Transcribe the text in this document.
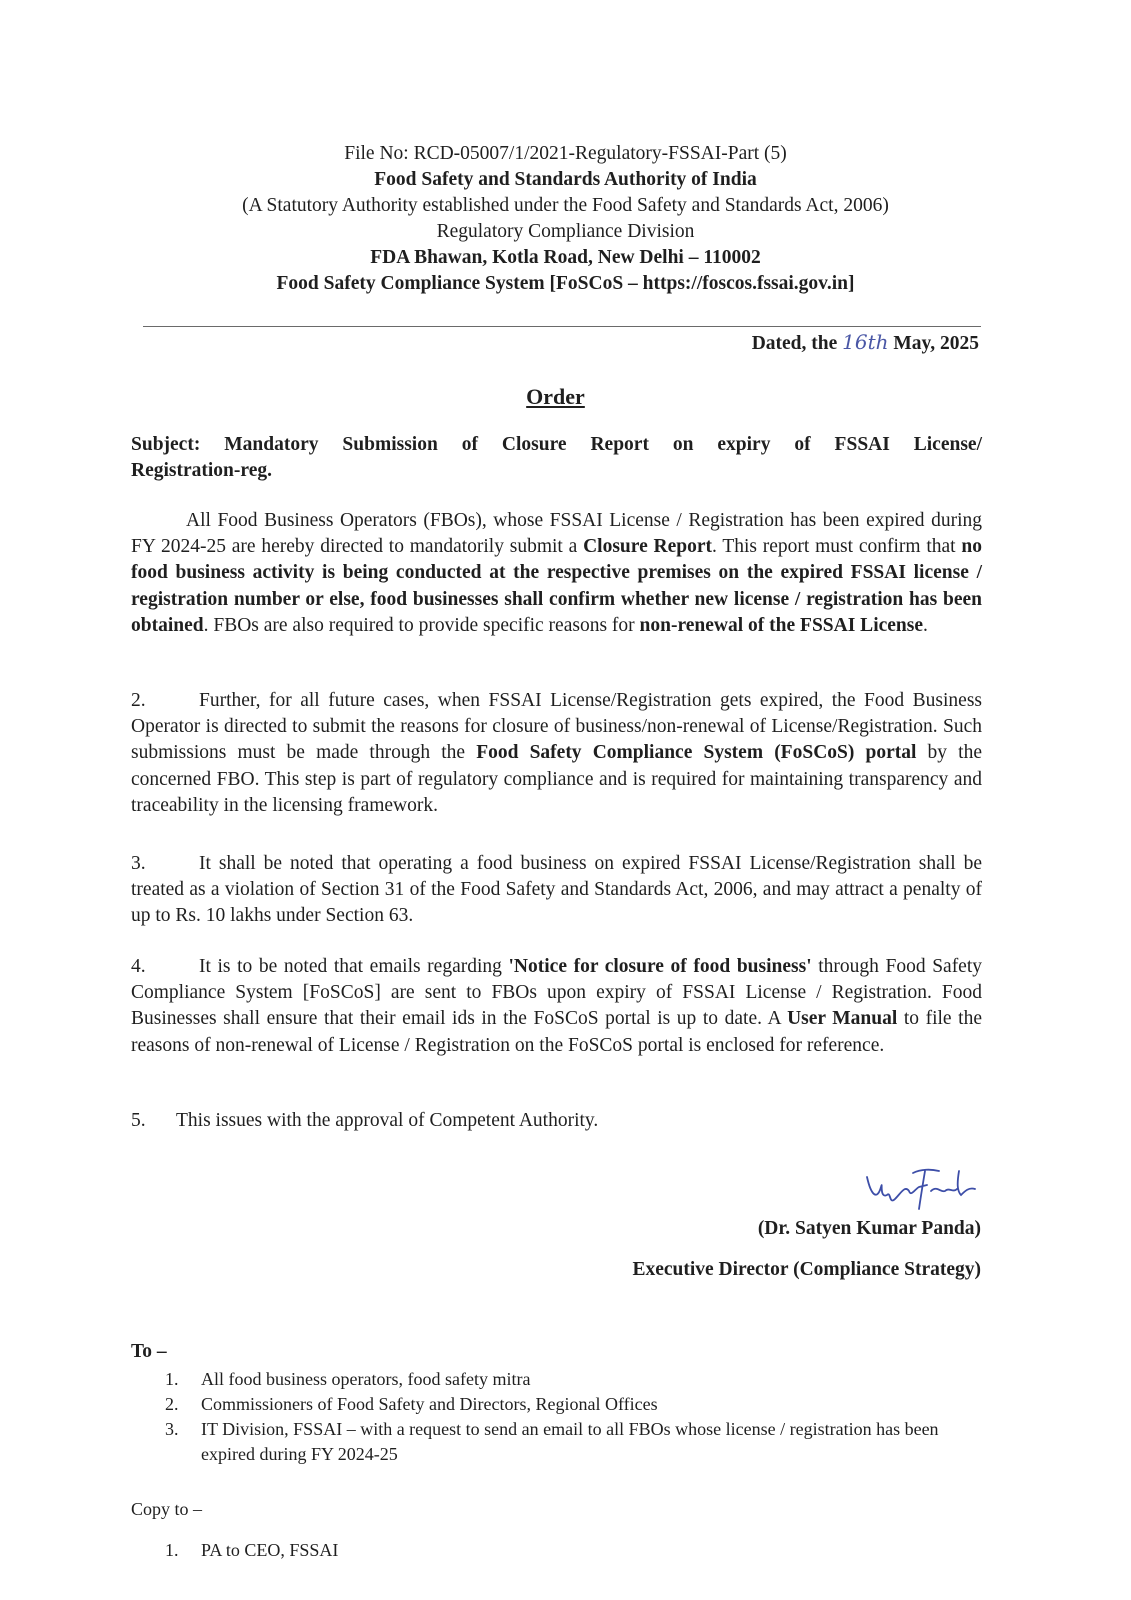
File No: RCD-05007/1/2021-Regulatory-FSSAI-Part (5)
Food Safety and Standards Authority of India
(A Statutory Authority established under the Food Safety and Standards Act, 2006)
Regulatory Compliance Division
FDA Bhawan, Kotla Road, New Delhi – 110002
Food Safety Compliance System [FoSCoS – https://foscos.fssai.gov.in]
Dated, the 16th May, 2025
Order

Subject: Mandatory Submission of Closure Report on expiry of FSSAI License/

Registration-reg.

All Food Business Operators (FBOs), whose FSSAI License / Registration has been expired during FY 2024-25 are hereby directed to mandatorily submit a Closure Report. This report must confirm that no food business activity is being conducted at the respective premises on the expired FSSAI license / registration number or else, food businesses shall confirm whether new license / registration has been obtained. FBOs are also required to provide specific reasons for non-renewal of the FSSAI License.

2.	Further, for all future cases, when FSSAI License/Registration gets expired, the Food Business Operator is directed to submit the reasons for closure of business/non-renewal of License/Registration. Such submissions must be made through the Food Safety Compliance System (FoSCoS) portal by the concerned FBO. This step is part of regulatory compliance and is required for maintaining transparency and traceability in the licensing framework.

3.	It shall be noted that operating a food business on expired FSSAI License/Registration shall be treated as a violation of Section 31 of the Food Safety and Standards Act, 2006, and may attract a penalty of up to Rs. 10 lakhs under Section 63.

4.	It is to be noted that emails regarding 'Notice for closure of food business' through Food Safety Compliance System [FoSCoS] are sent to FBOs upon expiry of FSSAI License / Registration. Food Businesses shall ensure that their email ids in the FoSCoS portal is up to date. A User Manual to file the reasons of non-renewal of License / Registration on the FoSCoS portal is enclosed for reference.

5. This issues with the approval of Competent Authority.

(Dr. Satyen Kumar Panda)
Executive Director (Compliance Strategy)
To –
1. All food business operators, food safety mitra
2. Commissioners of Food Safety and Directors, Regional Offices
3. IT Division, FSSAI – with a request to send an email to all FBOs whose license / registration has been expired during FY 2024-25
Copy to –
1. PA to CEO, FSSAI
